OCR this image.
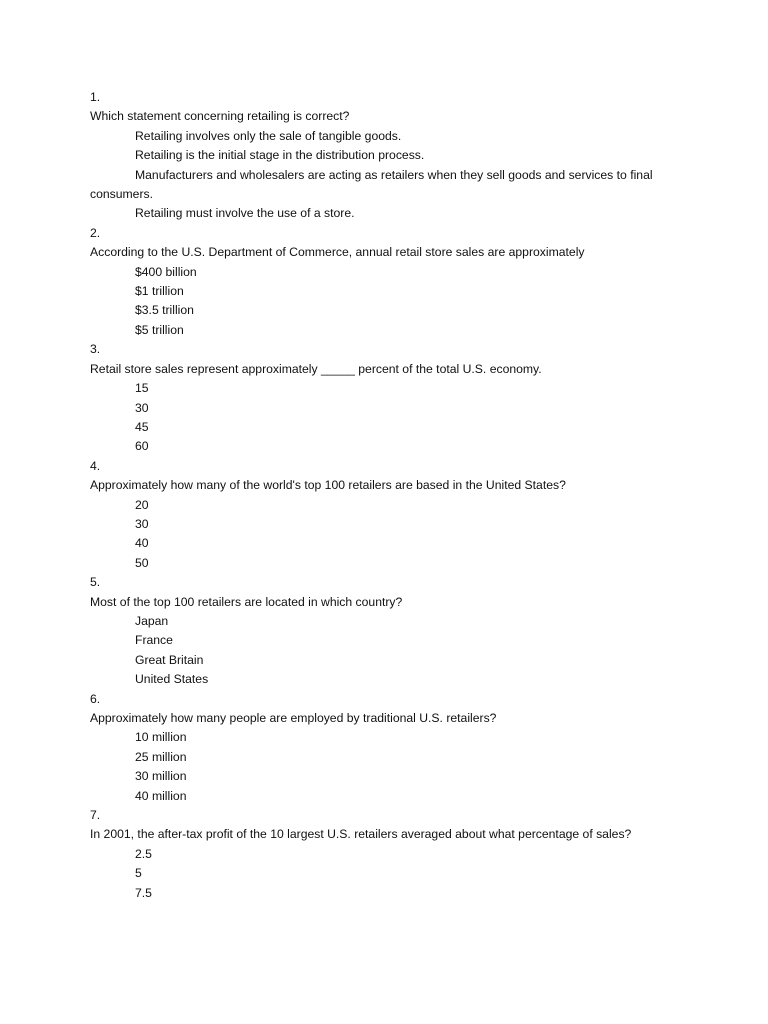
1.
Which statement concerning retailing is correct?
Retailing involves only the sale of tangible goods.
Retailing is the initial stage in the distribution process.
Manufacturers and wholesalers are acting as retailers when they sell goods and services to final consumers.
Retailing must involve the use of a store.
2.
According to the U.S. Department of Commerce, annual retail store sales are approximately
$400 billion
$1 trillion
$3.5 trillion
$5 trillion
3.
Retail store sales represent approximately _____ percent of the total U.S. economy.
15
30
45
60
4.
Approximately how many of the world's top 100 retailers are based in the United States?
20
30
40
50
5.
Most of the top 100 retailers are located in which country?
Japan
France
Great Britain
United States
6.
Approximately how many people are employed by traditional U.S. retailers?
10 million
25 million
30 million
40 million
7.
In 2001, the after-tax profit of the 10 largest U.S. retailers averaged about what percentage of sales?
2.5
5
7.5
